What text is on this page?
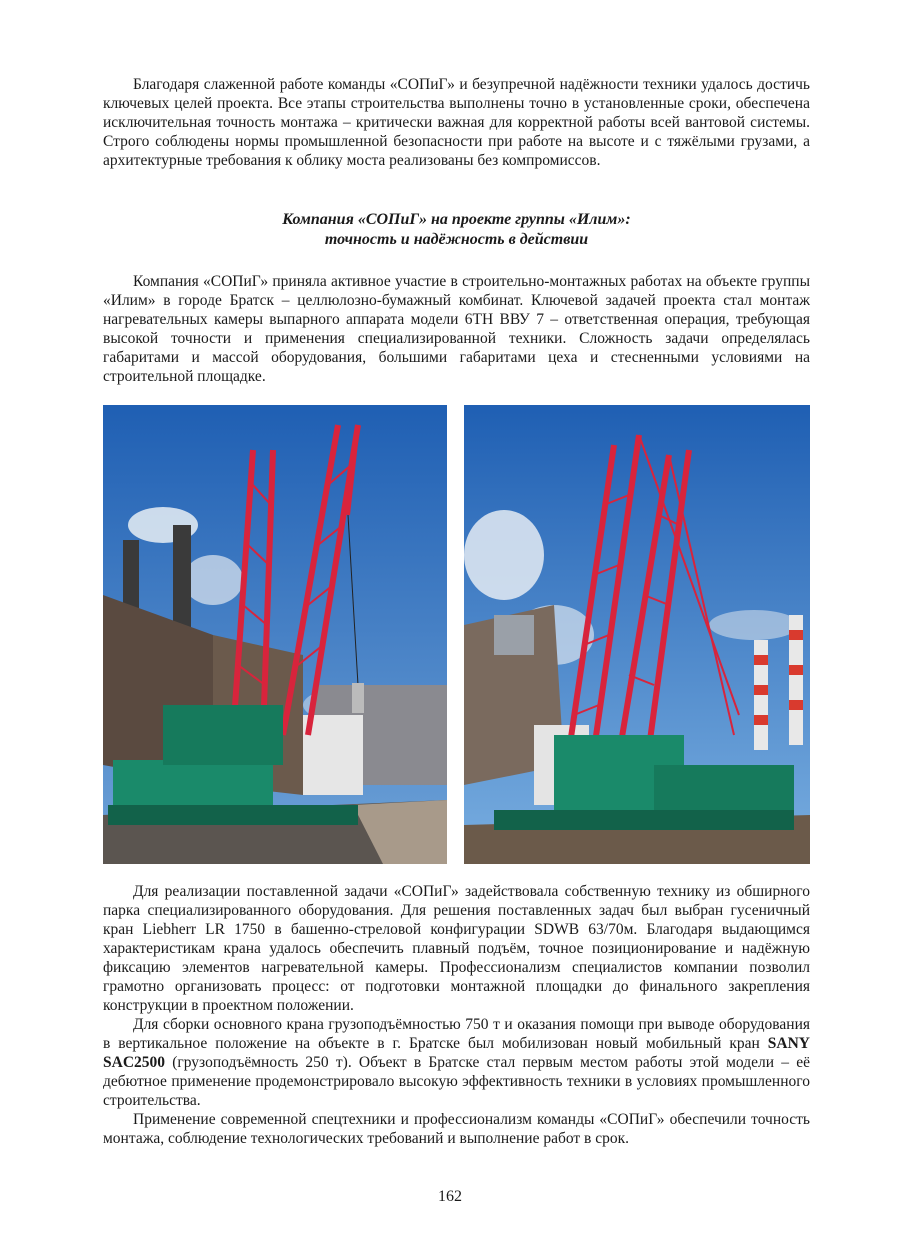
Благодаря слаженной работе команды «СОПиГ» и безупречной надёжности техники удалось достичь ключевых целей проекта. Все этапы строительства выполнены точно в установленные сроки, обеспечена исключительная точность монтажа – критически важная для корректной работы всей вантовой системы. Строго соблюдены нормы промышленной безопасности при работе на высоте и с тяжёлыми грузами, а архитектурные требования к облику моста реализованы без компромиссов.

Компания «СОПиГ» на проекте группы «Илим»:
точность и надёжность в действии

Компания «СОПиГ» приняла активное участие в строительно-монтажных работах на объекте группы «Илим» в городе Братск – целлюлозно-бумажный комбинат. Ключевой задачей проекта стал монтаж нагревательных камеры выпарного аппарата модели 6ТН ВВУ 7 – ответственная операция, требующая высокой точности и применения специализированной техники. Сложность задачи определялась габаритами и массой оборудования, большими габаритами цеха и стесненными условиями на строительной площадке.

Для реализации поставленной задачи «СОПиГ» задействовала собственную технику из обширного парка специализированного оборудования. Для решения поставленных задач был выбран гусеничный кран Liebherr LR 1750 в башенно-стреловой конфигурации SDWB 63/70м. Благодаря выдающимся характеристикам крана удалось обеспечить плавный подъём, точное позиционирование и надёжную фиксацию элементов нагревательной камеры. Профессионализм специалистов компании позволил грамотно организовать процесс: от подготовки монтажной площадки до финального закрепления конструкции в проектном положении.

Для сборки основного крана грузоподъёмностью 750 т и оказания помощи при выводе оборудования в вертикальное положение на объекте в г. Братске был мобилизован новый мобильный кран SANY SAC2500 (грузоподъёмность 250 т). Объект в Братске стал первым местом работы этой модели – её дебютное применение продемонстрировало высокую эффективность техники в условиях промышленного строительства.

Применение современной спецтехники и профессионализм команды «СОПиГ» обеспечили точность монтажа, соблюдение технологических требований и выполнение работ в срок.

162
